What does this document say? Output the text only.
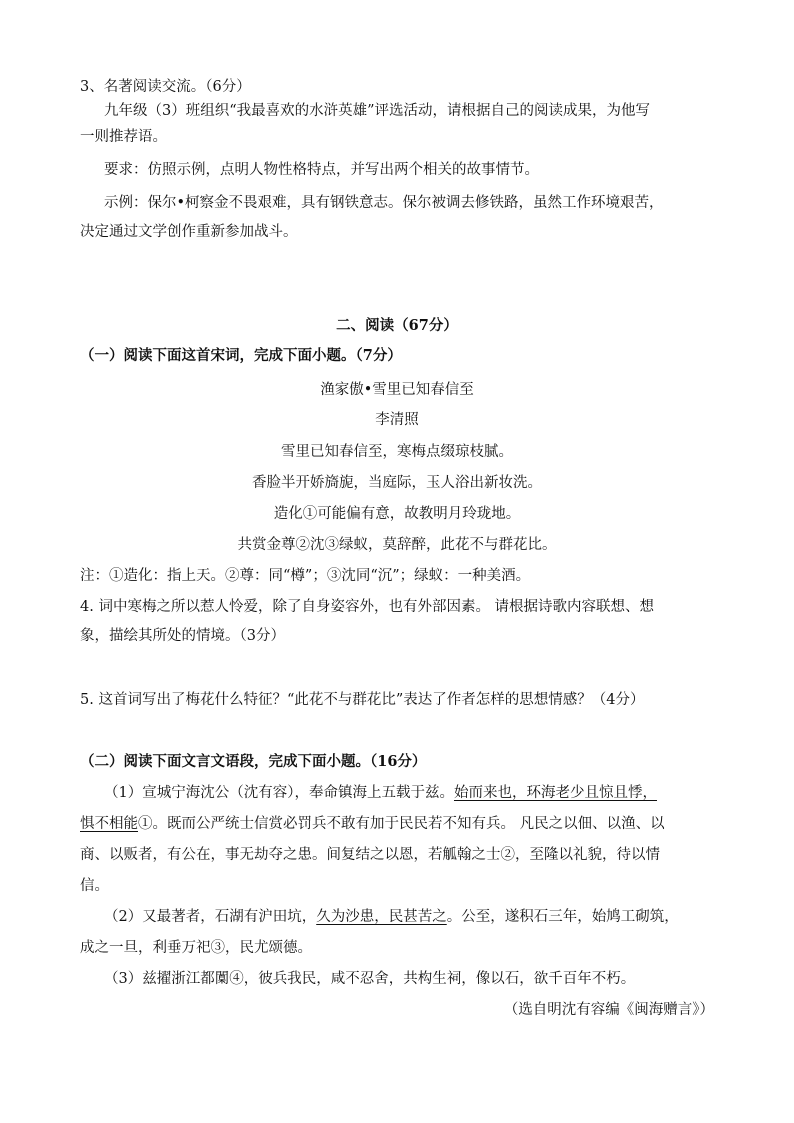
3、名著阅读交流。（6分）
九年级（3）班组织“我最喜欢的水浒英雄”评选活动，请根据自己的阅读成果，为他写
一则推荐语。
要求：仿照示例，点明人物性格特点，并写出两个相关的故事情节。
示例：保尔•柯察金不畏艰难，具有钢铁意志。保尔被调去修铁路，虽然工作环境艰苦，
决定通过文学创作重新参加战斗。
二、阅读（67分）
（一）阅读下面这首宋词，完成下面小题。（7分）
渔家傲•雪里已知春信至
李清照
雪里已知春信至，寒梅点缀琼枝腻。
香脸半开娇旖旎，当庭际，玉人浴出新妆洗。
造化①可能偏有意，故教明月玲珑地。
共赏金尊②沈③绿蚁，莫辞醉，此花不与群花比。
注：①造化：指上天。②尊：同“樽”；③沈同“沉”；绿蚁：一种美酒。
4. 词中寒梅之所以惹人怜爱，除了自身姿容外，也有外部因素。 请根据诗歌内容联想、想
象，描绘其所处的情境。（3分）
5. 这首词写出了梅花什么特征？“此花不与群花比”表达了作者怎样的思想情感？（4分）
（二）阅读下面文言文语段，完成下面小题。（16分）
（1）宣城宁海沈公（沈有容），奉命镇海上五载于兹。始而来也，环海老少且惊且悸，
惧不相能①。既而公严统士信赏必罚兵不敢有加于民民若不知有兵。 凡民之以佃、以渔、以
商、以贩者，有公在，事无劫夺之患。间复结之以恩，若觚翰之士②，至隆以礼貌，待以情
信。
（2）又最著者，石湖有沪田坑，久为沙患，民甚苦之。公至，遂积石三年，始鸠工砌筑，
成之一旦，利垂万祀③，民尤颂德。
（3）兹擢浙江都闑④，彼兵我民，咸不忍舍，共构生祠，像以石，欲千百年不朽。
（选自明沈有容编《闽海赠言》）
